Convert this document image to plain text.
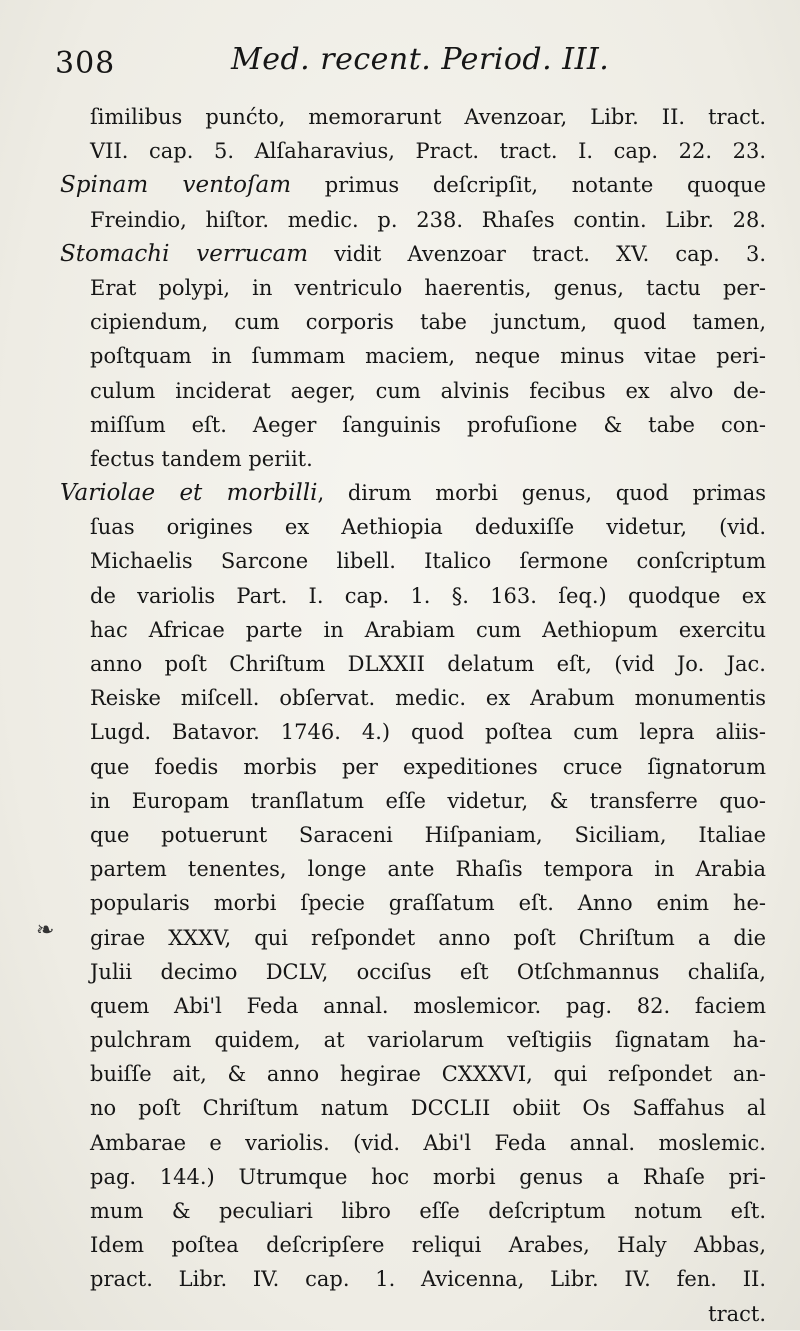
308	Med. recent. Period. III.
ſimilibus punćto, memorarunt Avenzoar, Libr. II. tract.
VII. cap. 5. Alſaharavius, Pract. tract. I. cap. 22. 23.
Spinam ventoſam primus deſcripſit, notante quoque
Freindio, hiſtor. medic. p. 238. Rhaſes contin. Libr. 28.
Stomachi verrucam vidit Avenzoar tract. XV. cap. 3.
Erat polypi, in ventriculo haerentis, genus, tactu per-
cipiendum, cum corporis tabe junctum, quod tamen,
poſtquam in ſummam maciem, neque minus vitae peri-
culum inciderat aeger, cum alvinis fecibus ex alvo de-
miſſum eſt. Aeger ſanguinis profuſione & tabe con-
fectus tandem periit.
Variolae et morbilli, dirum morbi genus, quod primas
ſuas origines ex Aethiopia deduxiſſe videtur, (vid.
Michaelis Sarcone libell. Italico ſermone conſcriptum
de variolis Part. I. cap. 1. §. 163. ſeq.) quodque ex
hac Africae parte in Arabiam cum Aethiopum exercitu
anno poſt Chriſtum DLXXII delatum eſt, (vid Jo. Jac.
Reiske miſcell. obſervat. medic. ex Arabum monumentis
Lugd. Batavor. 1746. 4.) quod poſtea cum lepra aliis-
que foedis morbis per expeditiones cruce ſignatorum
in Europam tranſlatum eſſe videtur, & transferre quo-
que potuerunt Saraceni Hiſpaniam, Siciliam, Italiae
partem tenentes, longe ante Rhaſis tempora in Arabia
popularis morbi ſpecie graſſatum eſt. Anno enim he-
girae XXXV, qui reſpondet anno poſt Chriſtum a die
Julii decimo DCLV, occiſus eſt Otſchmannus chaliſa,
quem Abi'l Feda annal. moslemicor. pag. 82. faciem
pulchram quidem, at variolarum veſtigiis ſignatam ha-
buiſſe ait, & anno hegirae CXXXVI, qui reſpondet an-
no poſt Chriſtum natum DCCLII obiit Os Saffahus al
Ambarae e variolis. (vid. Abi'l Feda annal. moslemic.
pag. 144.) Utrumque hoc morbi genus a Rhaſe pri-
mum & peculiari libro eſſe deſcriptum notum eſt.
Idem poſtea deſcripſere reliqui Arabes, Haly Abbas,
pract. Libr. IV. cap. 1. Avicenna, Libr. IV. fen. II.
tract.
❧
